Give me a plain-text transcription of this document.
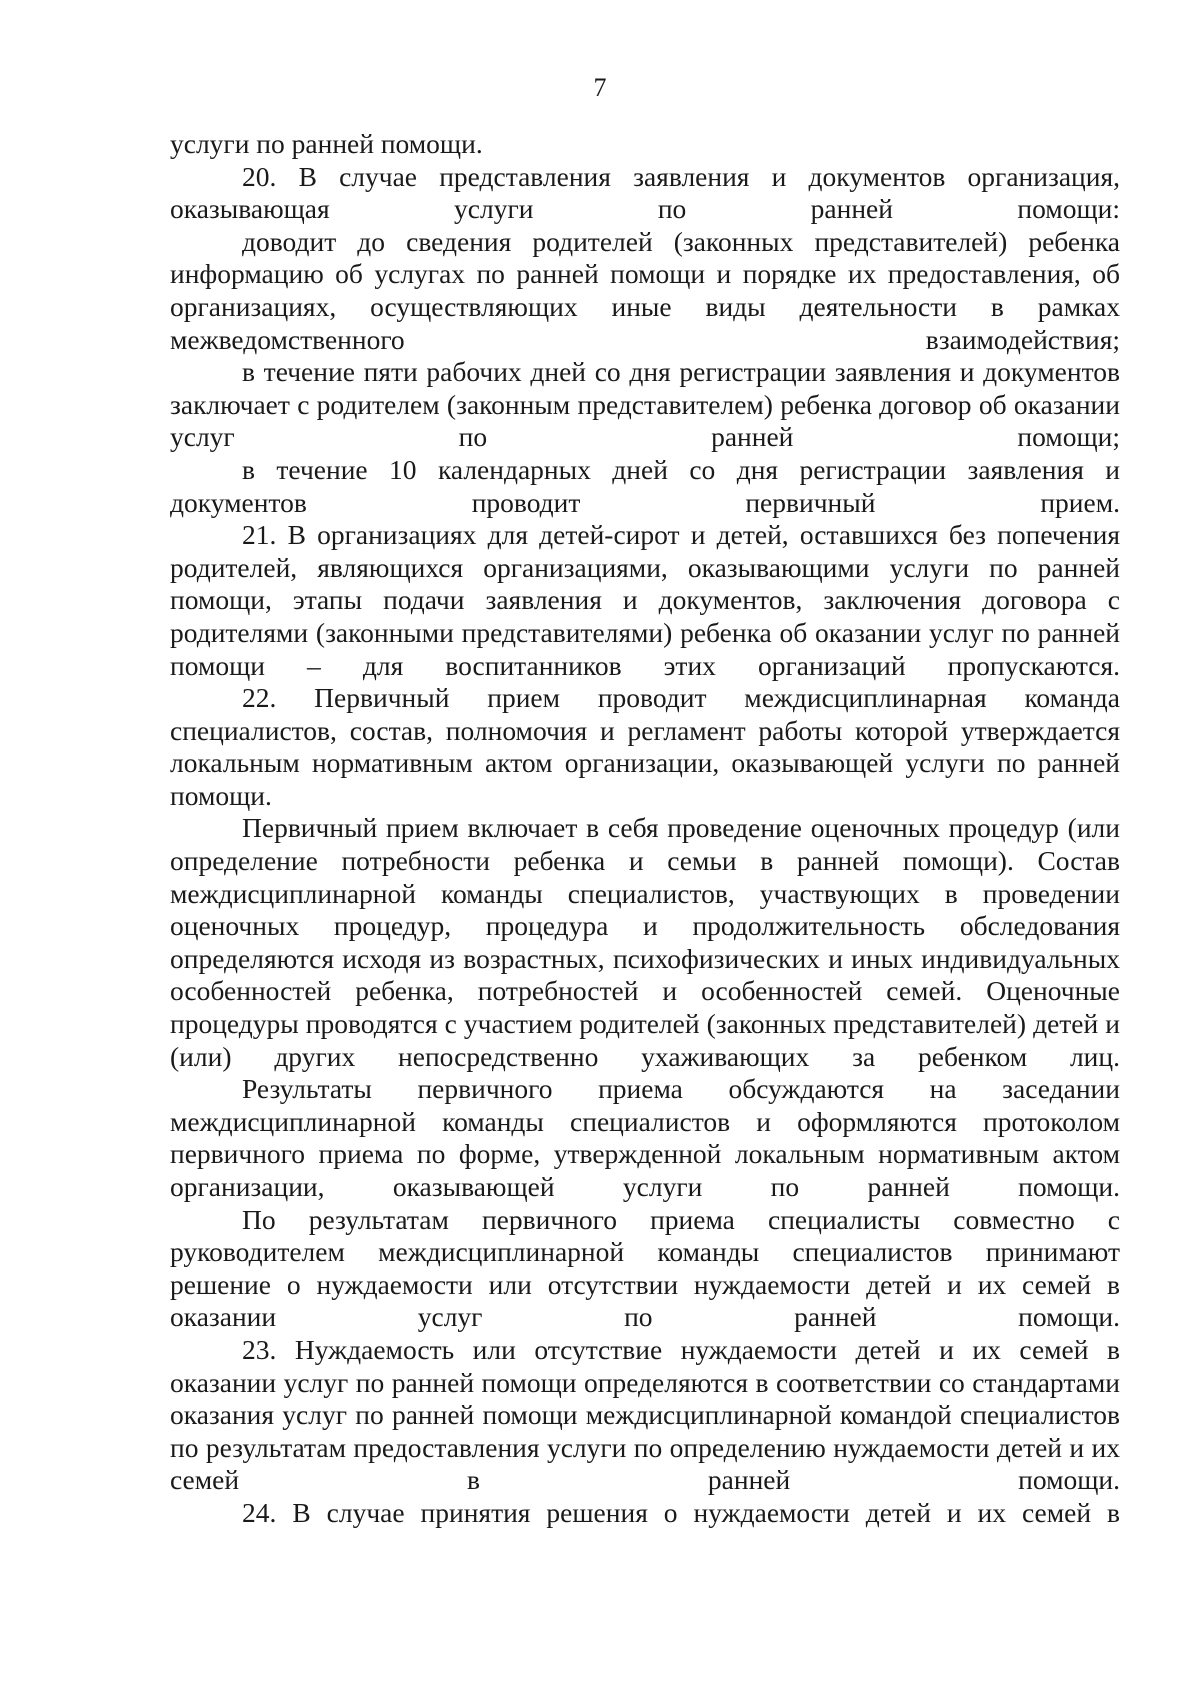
7

услуги по ранней помощи.

20. В случае представления заявления и документов организация, оказывающая услуги по ранней помощи:

доводит до сведения родителей (законных представителей) ребенка информацию об услугах по ранней помощи и порядке их предоставления, об организациях, осуществляющих иные виды деятельности в рамках межведомственного взаимодействия;

в течение пяти рабочих дней со дня регистрации заявления и документов заключает с родителем (законным представителем) ребенка договор об оказании услуг по ранней помощи;

в течение 10 календарных дней со дня регистрации заявления и документов проводит первичный прием.

21. В организациях для детей-сирот и детей, оставшихся без попечения родителей, являющихся организациями, оказывающими услуги по ранней помощи, этапы подачи заявления и документов, заключения договора с родителями (законными представителями) ребенка об оказании услуг по ранней помощи – для воспитанников этих организаций пропускаются.

22. Первичный прием проводит междисциплинарная команда специалистов, состав, полномочия и регламент работы которой утверждается локальным нормативным актом организации, оказывающей услуги по ранней помощи.

Первичный прием включает в себя проведение оценочных процедур (или определение потребности ребенка и семьи в ранней помощи). Состав междисциплинарной команды специалистов, участвующих в проведении оценочных процедур, процедура и продолжительность обследования определяются исходя из возрастных, психофизических и иных индивидуальных особенностей ребенка, потребностей и особенностей семей. Оценочные процедуры проводятся с участием родителей (законных представителей) детей и (или) других непосредственно ухаживающих за ребенком лиц.

Результаты первичного приема обсуждаются на заседании междисциплинарной команды специалистов и оформляются протоколом первичного приема по форме, утвержденной локальным нормативным актом организации, оказывающей услуги по ранней помощи.

По результатам первичного приема специалисты совместно с руководителем междисциплинарной команды специалистов принимают решение о нуждаемости или отсутствии нуждаемости детей и их семей в оказании услуг по ранней помощи.

23. Нуждаемость или отсутствие нуждаемости детей и их семей в оказании услуг по ранней помощи определяются в соответствии со стандартами оказания услуг по ранней помощи междисциплинарной командой специалистов по результатам предоставления услуги по определению нуждаемости детей и их семей в ранней помощи.

24. В случае принятия решения о нуждаемости детей и их семей в
